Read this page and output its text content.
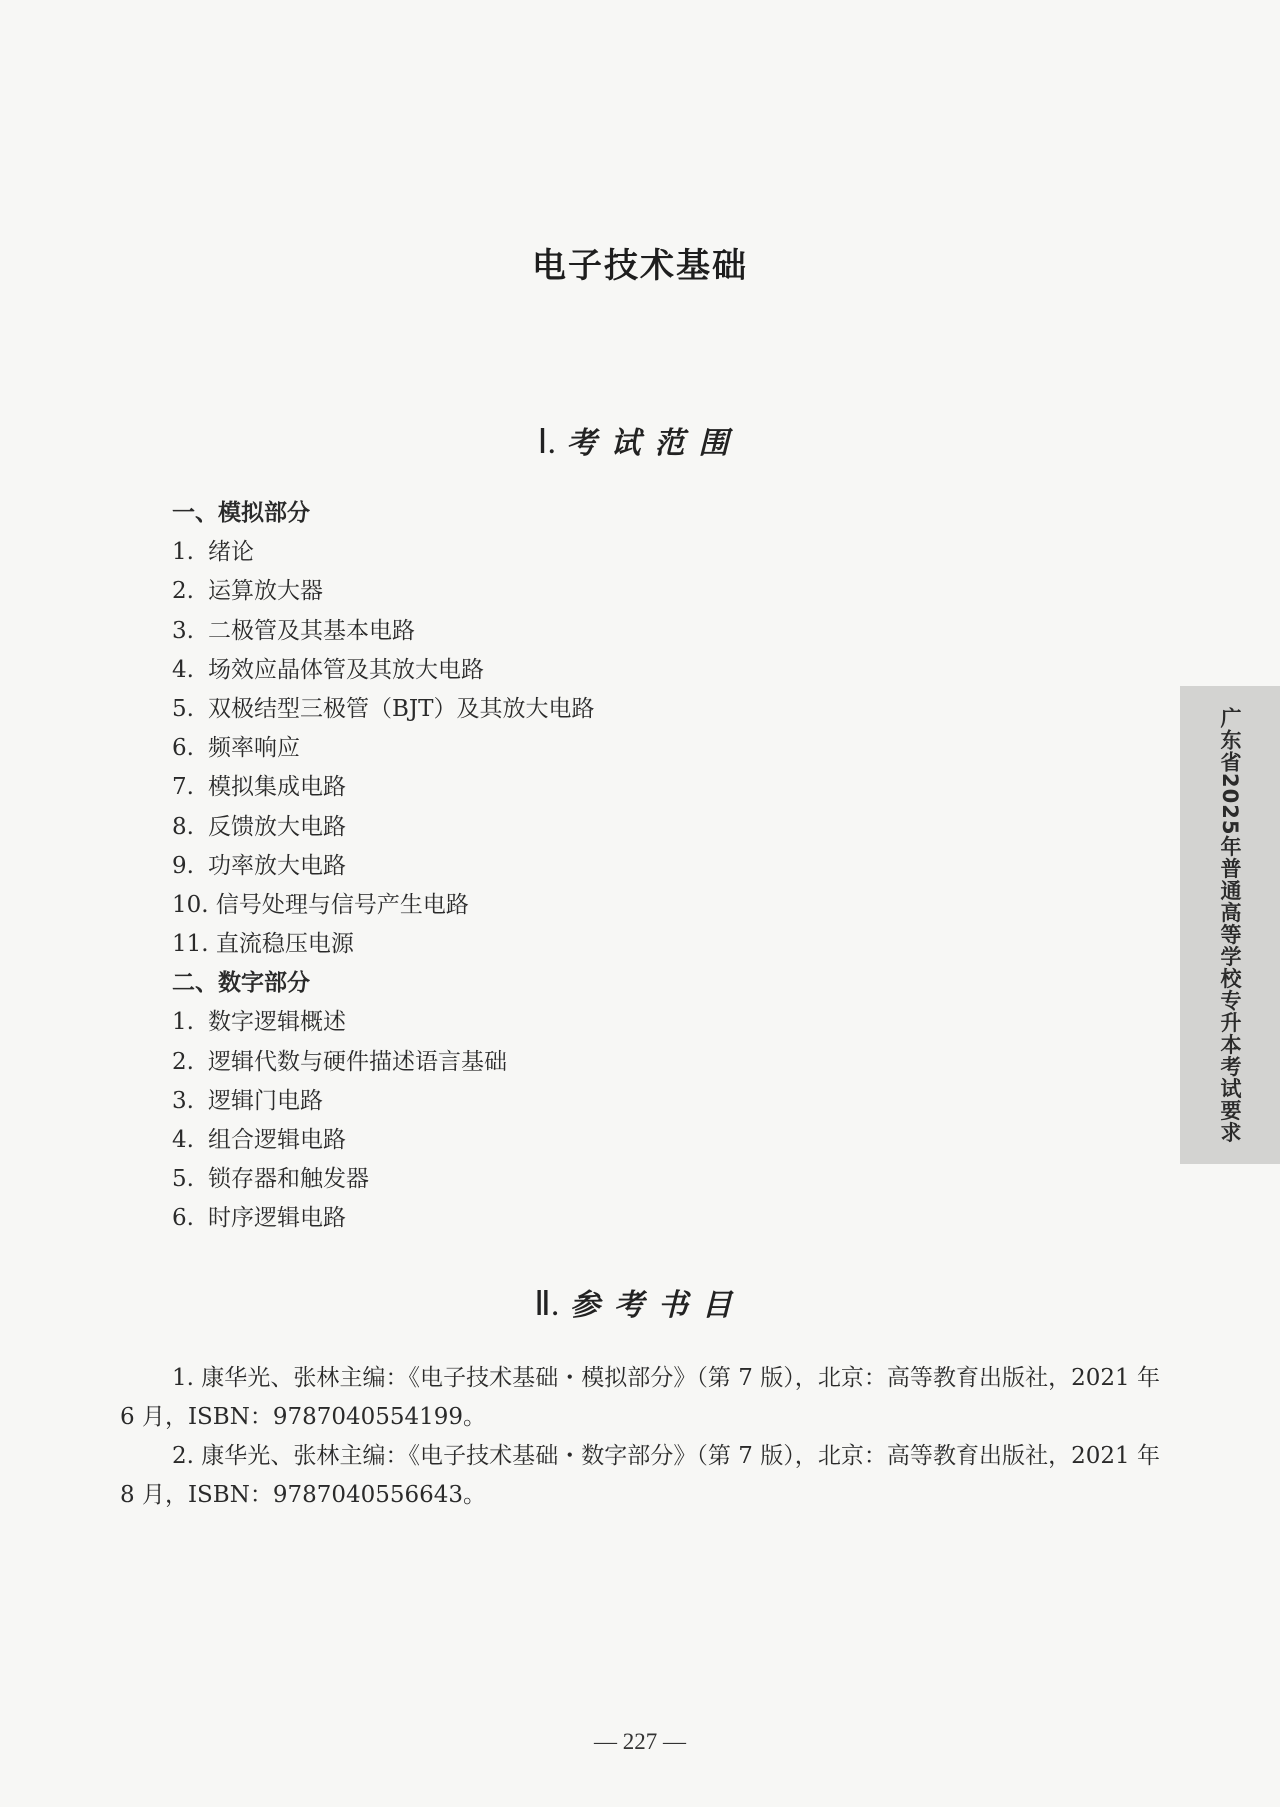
电子技术基础
Ⅰ. 考试范围
一、模拟部分
1. 绪论
2. 运算放大器
3. 二极管及其基本电路
4. 场效应晶体管及其放大电路
5. 双极结型三极管（BJT）及其放大电路
6. 频率响应
7. 模拟集成电路
8. 反馈放大电路
9. 功率放大电路
10. 信号处理与信号产生电路
11. 直流稳压电源
二、数字部分
1. 数字逻辑概述
2. 逻辑代数与硬件描述语言基础
3. 逻辑门电路
4. 组合逻辑电路
5. 锁存器和触发器
6. 时序逻辑电路
Ⅱ. 参考书目

1. 康华光、张林主编：《电子技术基础・模拟部分》（第 7 版），北京：高等教育出版社，2021 年 6 月，ISBN：9787040554199。

2. 康华光、张林主编：《电子技术基础・数字部分》（第 7 版），北京：高等教育出版社，2021 年 8 月，ISBN：9787040556643。

广东省2025年普通高等学校专升本考试要求
— 227 —
